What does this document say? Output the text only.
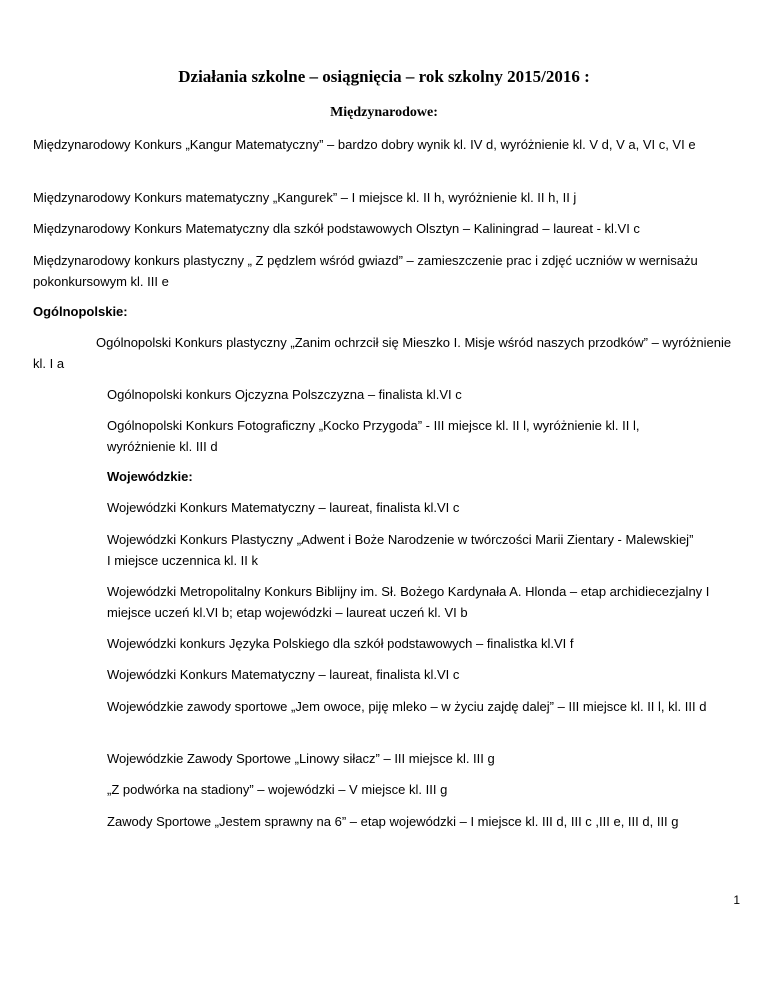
Działania szkolne – osiągnięcia – rok szkolny 2015/2016 :
Międzynarodowe:

Międzynarodowy Konkurs „Kangur Matematyczny” – bardzo dobry wynik kl. IV d, wyróżnienie kl. V d, V a, VI c, VI e

Międzynarodowy Konkurs matematyczny „Kangurek” – I miejsce kl. II h, wyróżnienie kl. II h, II j

Międzynarodowy Konkurs Matematyczny dla szkół podstawowych Olsztyn – Kaliningrad – laureat - kl.VI c

Międzynarodowy konkurs plastyczny „ Z pędzlem wśród gwiazd” – zamieszczenie prac i zdjęć uczniów w wernisażu pokonkursowym kl. III e

Ogólnopolskie:

Ogólnopolski Konkurs plastyczny „Zanim ochrzcił się Mieszko I. Misje wśród naszych przodków” – wyróżnienie kl. I a

Ogólnopolski konkurs Ojczyzna Polszczyzna – finalista kl.VI c

Ogólnopolski Konkurs Fotograficzny „Kocko Przygoda” - III miejsce kl. II l, wyróżnienie kl. II l, wyróżnienie kl. III d

Wojewódzkie:

Wojewódzki Konkurs Matematyczny – laureat, finalista kl.VI c

Wojewódzki Konkurs Plastyczny „Adwent i Boże Narodzenie w twórczości Marii Zientary - Malewskiej” I miejsce uczennica kl. II k

Wojewódzki Metropolitalny Konkurs Biblijny im. Sł. Bożego Kardynała A. Hlonda – etap archidiecezjalny I miejsce uczeń kl.VI b; etap wojewódzki – laureat uczeń kl. VI b

Wojewódzki konkurs Języka Polskiego dla szkół podstawowych – finalistka kl.VI f

Wojewódzki Konkurs Matematyczny – laureat, finalista kl.VI c

Wojewódzkie zawody sportowe „Jem owoce, piję mleko – w życiu zajdę dalej” – III miejsce kl. II l, kl. III d

Wojewódzkie Zawody Sportowe „Linowy siłacz” – III miejsce kl. III g

„Z podwórka na stadiony” – wojewódzki – V miejsce kl. III g

Zawody Sportowe „Jestem sprawny na 6” – etap wojewódzki – I miejsce kl. III d, III c ,III e, III d, III g

1
